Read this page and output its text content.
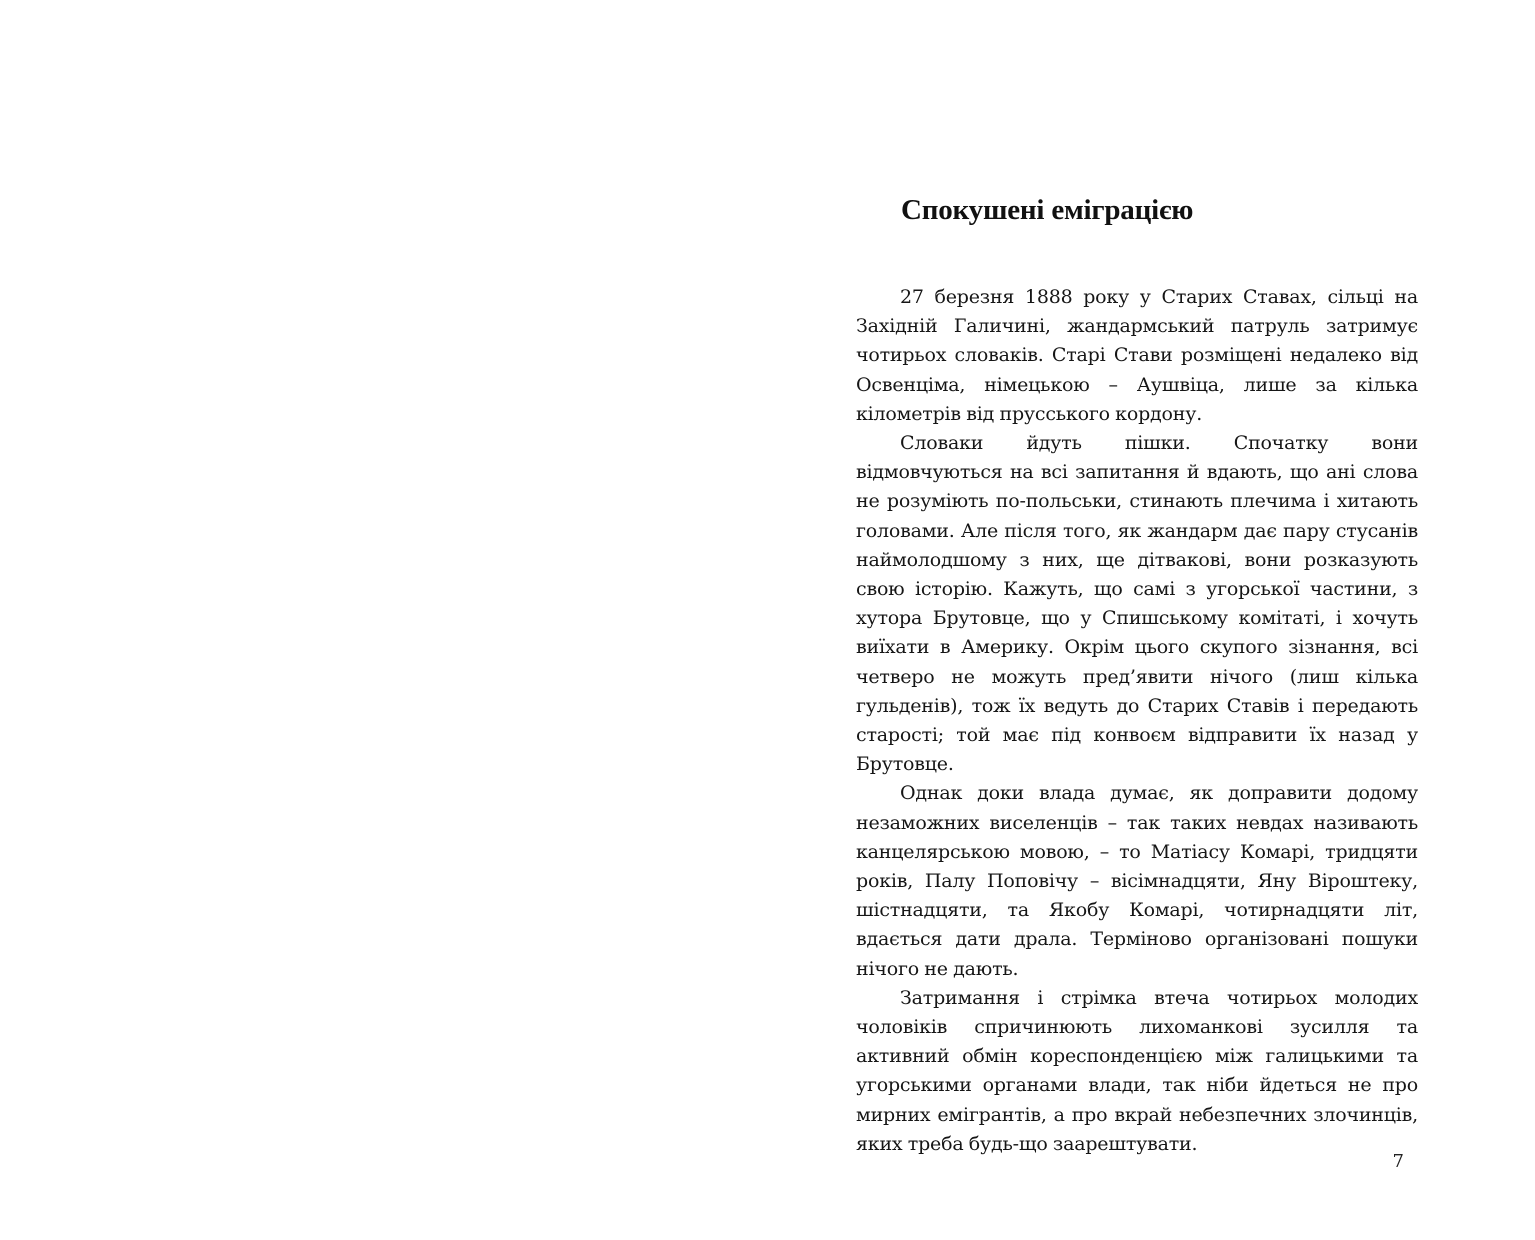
Спокушені еміграцією

27 березня 1888 року у Старих Ставах, сільці на Західній Галичині, жандармський патруль затримує чотирьох словаків. Старі Стави розміщені недалеко від Освенціма, німецькою – Аушвіца, лише за кілька кілометрів від прусського кордону.

Словаки йдуть пішки. Спочатку вони відмовчуються на всі запитання й вдають, що ані слова не розуміють по-польськи, стинають плечима і хитають головами. Але після того, як жандарм дає пару стусанів наймолодшому з них, ще дітвакові, вони розказують свою історію. Кажуть, що самі з угорської частини, з хутора Брутовце, що у Спишському комітаті, і хочуть виїхати в Америку. Окрім цього скупого зізнання, всі четверо не можуть пред’явити нічого (лиш кілька гульденів), тож їх ведуть до Старих Ставів і передають старості; той має під конвоєм відправити їх назад у Брутовце.

Однак доки влада думає, як доправити додому незаможних виселенців – так таких невдах називають канцелярською мовою, – то Матіасу Комарі, тридцяти років, Палу Поповічу – вісімнадцяти, Яну Віроштеку, шістнадцяти, та Якобу Комарі, чотирнадцяти літ, вдається дати драла. Терміново організовані пошуки нічого не дають.

Затримання і стрімка втеча чотирьох молодих чоловіків спричинюють лихоманкові зусилля та активний обмін кореспонденцією між галицькими та угорськими органами влади, так ніби йдеться не про мирних емігрантів, а про вкрай небезпечних злочинців, яких треба будь-що заарештувати.

7
